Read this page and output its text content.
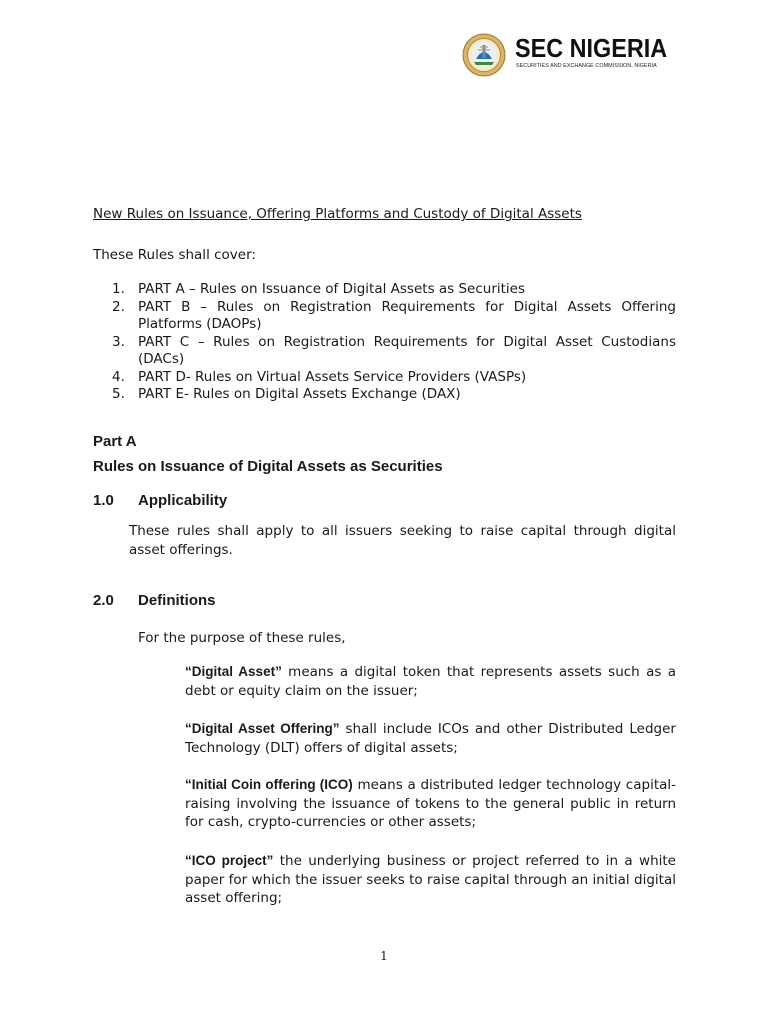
SEC NIGERIA
SECURITIES AND EXCHANGE COMMISSION, NIGERIA
New Rules on Issuance, Offering Platforms and Custody of Digital Assets
These Rules shall cover:
1. PART A – Rules on Issuance of Digital Assets as Securities
2. PART B – Rules on Registration Requirements for Digital Assets Offering Platforms (DAOPs)
3. PART C – Rules on Registration Requirements for Digital Asset Custodians (DACs)
4. PART D- Rules on Virtual Assets Service Providers (VASPs)
5. PART E- Rules on Digital Assets Exchange (DAX)
Part A
Rules on Issuance of Digital Assets as Securities
1.0 Applicability
These rules shall apply to all issuers seeking to raise capital through digital asset offerings.
2.0 Definitions
For the purpose of these rules,
“Digital Asset” means a digital token that represents assets such as a debt or equity claim on the issuer;
“Digital Asset Offering” shall include ICOs and other Distributed Ledger Technology (DLT) offers of digital assets;
“Initial Coin offering (ICO) means a distributed ledger technology capital-raising involving the issuance of tokens to the general public in return for cash, crypto-currencies or other assets;
“ICO project” the underlying business or project referred to in a white paper for which the issuer seeks to raise capital through an initial digital asset offering;
1
